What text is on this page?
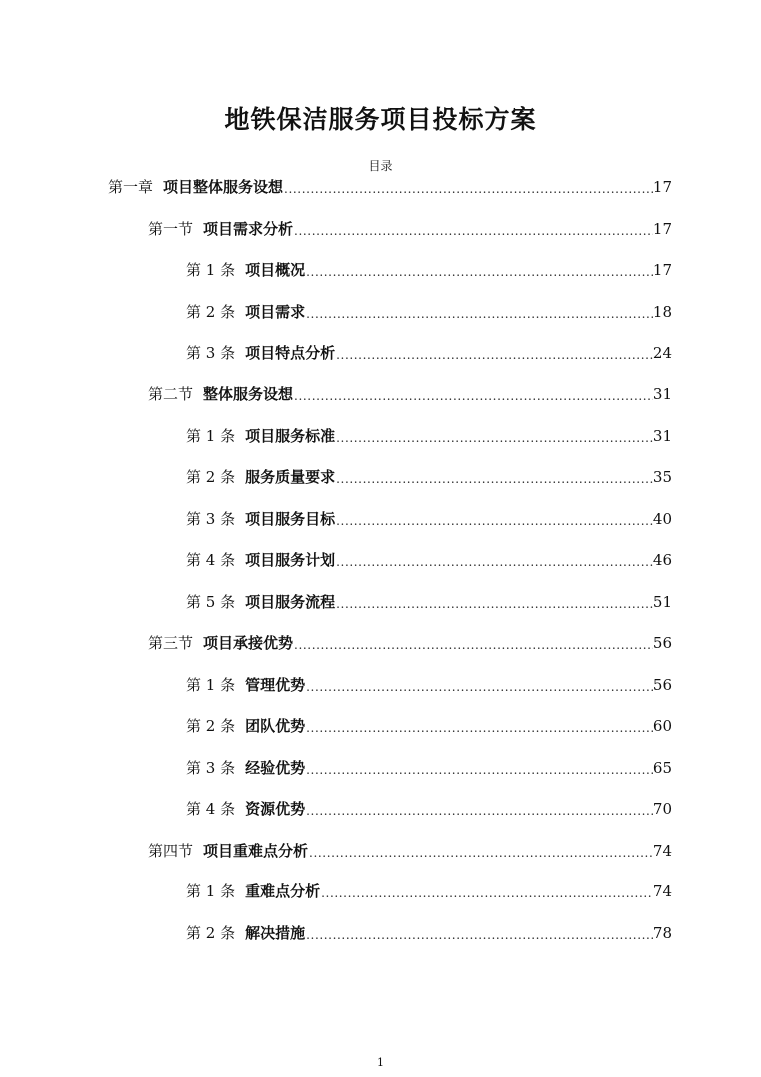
地铁保洁服务项目投标方案
目录
第一章 项目整体服务设想 .....	17
第一节 项目需求分析 .....	17
第 1 条 项目概况 .....	17
第 2 条 项目需求 .....	18
第 3 条 项目特点分析 .....	24
第二节 整体服务设想 .....	31
第 1 条 项目服务标准 .....	31
第 2 条 服务质量要求 .....	35
第 3 条 项目服务目标 .....	40
第 4 条 项目服务计划 .....	46
第 5 条 项目服务流程 .....	51
第三节 项目承接优势 .....	56
第 1 条 管理优势 .....	56
第 2 条 团队优势 .....	60
第 3 条 经验优势 .....	65
第 4 条 资源优势 .....	70
第四节 项目重难点分析 .....	74
第 1 条 重难点分析 .....	74
第 2 条 解决措施 .....	78
1
